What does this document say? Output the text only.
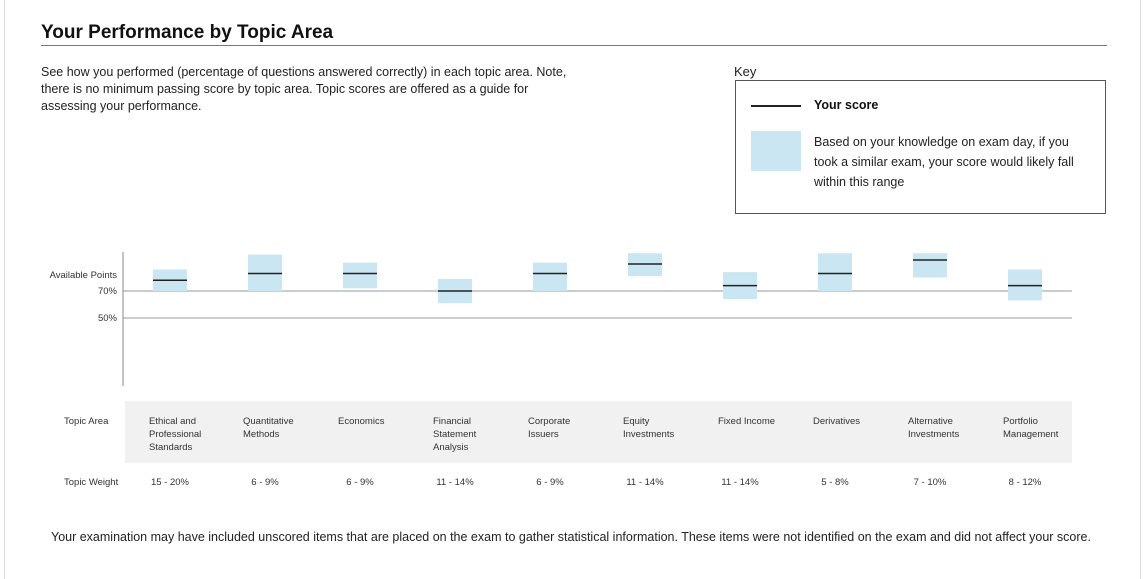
Your Performance by Topic Area
See how you performed (percentage of questions answered correctly) in each topic area. Note, there is no minimum passing score by topic area. Topic scores are offered as a guide for assessing your performance.
Key
Your score
Based on your knowledge on exam day, if you took a similar exam, your score would likely fall within this range
Available Points
70%
50%
Topic Area
Topic Weight
Ethical and
Professional
Standards
15 - 20%
Quantitative
Methods
6 - 9%
Economics
6 - 9%
Financial
Statement
Analysis
11 - 14%
Corporate
Issuers
6 - 9%
Equity
Investments
11 - 14%
Fixed Income
11 - 14%
Derivatives
5 - 8%
Alternative
Investments
7 - 10%
Portfolio
Management
8 - 12%
Your examination may have included unscored items that are placed on the exam to gather statistical information. These items were not identified on the exam and did not affect your score.
